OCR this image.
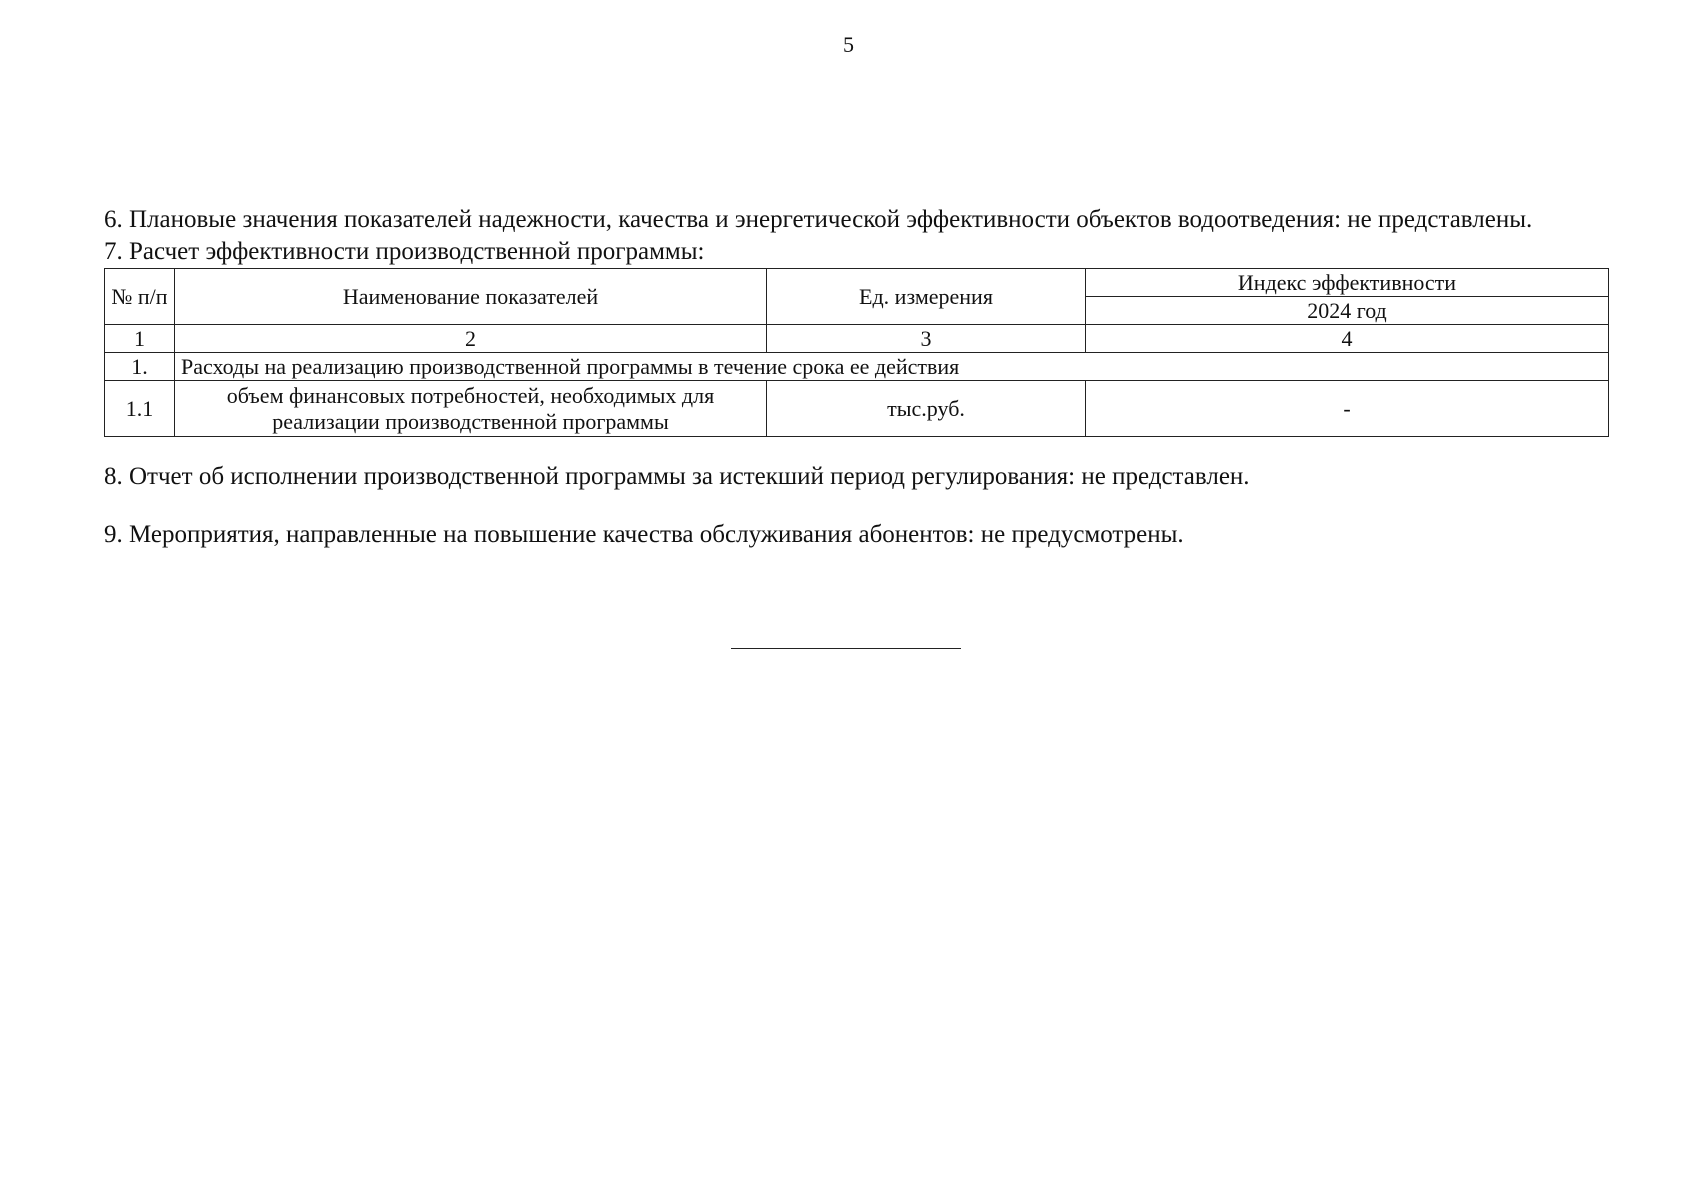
5

6. Плановые значения показателей надежности, качества и энергетической эффективности объектов водоотведения: не представлены.

7. Расчет эффективности производственной программы:

№ п/п	Наименование показателей	Ед. измерения	Индекс эффективности
			2024 год
1	2	3	4
1.	Расходы на реализацию производственной программы в течение срока ее действия		
1.1	объем финансовых потребностей, необходимых для реализации производственной программы	тыс.руб.	-

8. Отчет об исполнении производственной программы за истекший период регулирования: не представлен.

9. Мероприятия, направленные на повышение качества обслуживания абонентов: не предусмотрены.
